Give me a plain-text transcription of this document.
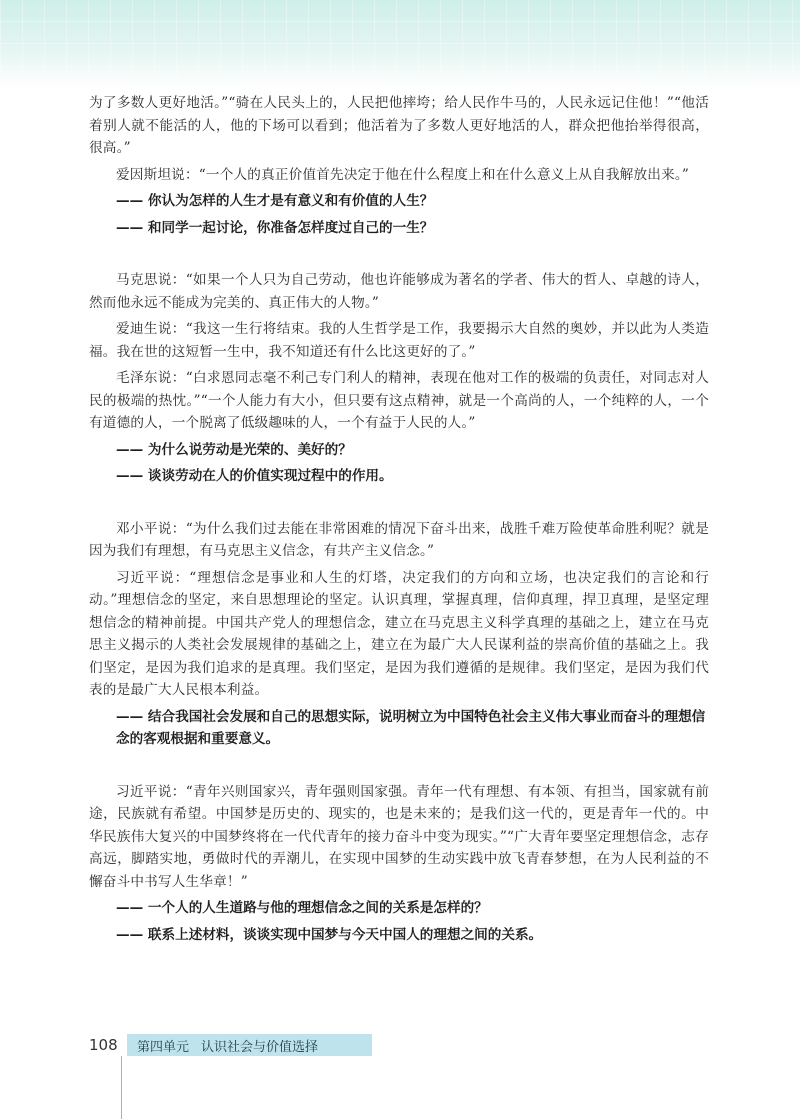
为了多数人更好地活。”“骑在人民头上的，人民把他摔垮；给人民作牛马的，人民永远记住他！”“他活着别人就不能活的人，他的下场可以看到；他活着为了多数人更好地活的人，群众把他抬举得很高，很高。”

爱因斯坦说：“一个人的真正价值首先决定于他在什么程度上和在什么意义上从自我解放出来。”

—— 你认为怎样的人生才是有意义和有价值的人生？

—— 和同学一起讨论，你准备怎样度过自己的一生？

马克思说：“如果一个人只为自己劳动，他也许能够成为著名的学者、伟大的哲人、卓越的诗人，然而他永远不能成为完美的、真正伟大的人物。”

爱迪生说：“我这一生行将结束。我的人生哲学是工作，我要揭示大自然的奥妙，并以此为人类造福。我在世的这短暂一生中，我不知道还有什么比这更好的了。”

毛泽东说：“白求恩同志毫不利己专门利人的精神，表现在他对工作的极端的负责任，对同志对人民的极端的热忱。”“一个人能力有大小，但只要有这点精神，就是一个高尚的人，一个纯粹的人，一个有道德的人，一个脱离了低级趣味的人，一个有益于人民的人。”

—— 为什么说劳动是光荣的、美好的？

—— 谈谈劳动在人的价值实现过程中的作用。

邓小平说：“为什么我们过去能在非常困难的情况下奋斗出来，战胜千难万险使革命胜利呢？就是因为我们有理想，有马克思主义信念，有共产主义信念。”

习近平说：“理想信念是事业和人生的灯塔，决定我们的方向和立场，也决定我们的言论和行动。”理想信念的坚定，来自思想理论的坚定。认识真理，掌握真理，信仰真理，捍卫真理，是坚定理想信念的精神前提。中国共产党人的理想信念，建立在马克思主义科学真理的基础之上，建立在马克思主义揭示的人类社会发展规律的基础之上，建立在为最广大人民谋利益的崇高价值的基础之上。我们坚定，是因为我们追求的是真理。我们坚定，是因为我们遵循的是规律。我们坚定，是因为我们代表的是最广大人民根本利益。

—— 结合我国社会发展和自己的思想实际，说明树立为中国特色社会主义伟大事业而奋斗的理想信念的客观根据和重要意义。

习近平说：“青年兴则国家兴，青年强则国家强。青年一代有理想、有本领、有担当，国家就有前途，民族就有希望。中国梦是历史的、现实的，也是未来的；是我们这一代的，更是青年一代的。中华民族伟大复兴的中国梦终将在一代代青年的接力奋斗中变为现实。”“广大青年要坚定理想信念，志存高远，脚踏实地，勇做时代的弄潮儿，在实现中国梦的生动实践中放飞青春梦想，在为人民利益的不懈奋斗中书写人生华章！”

—— 一个人的人生道路与他的理想信念之间的关系是怎样的？

—— 联系上述材料，谈谈实现中国梦与今天中国人的理想之间的关系。

108	第四单元 认识社会与价值选择
